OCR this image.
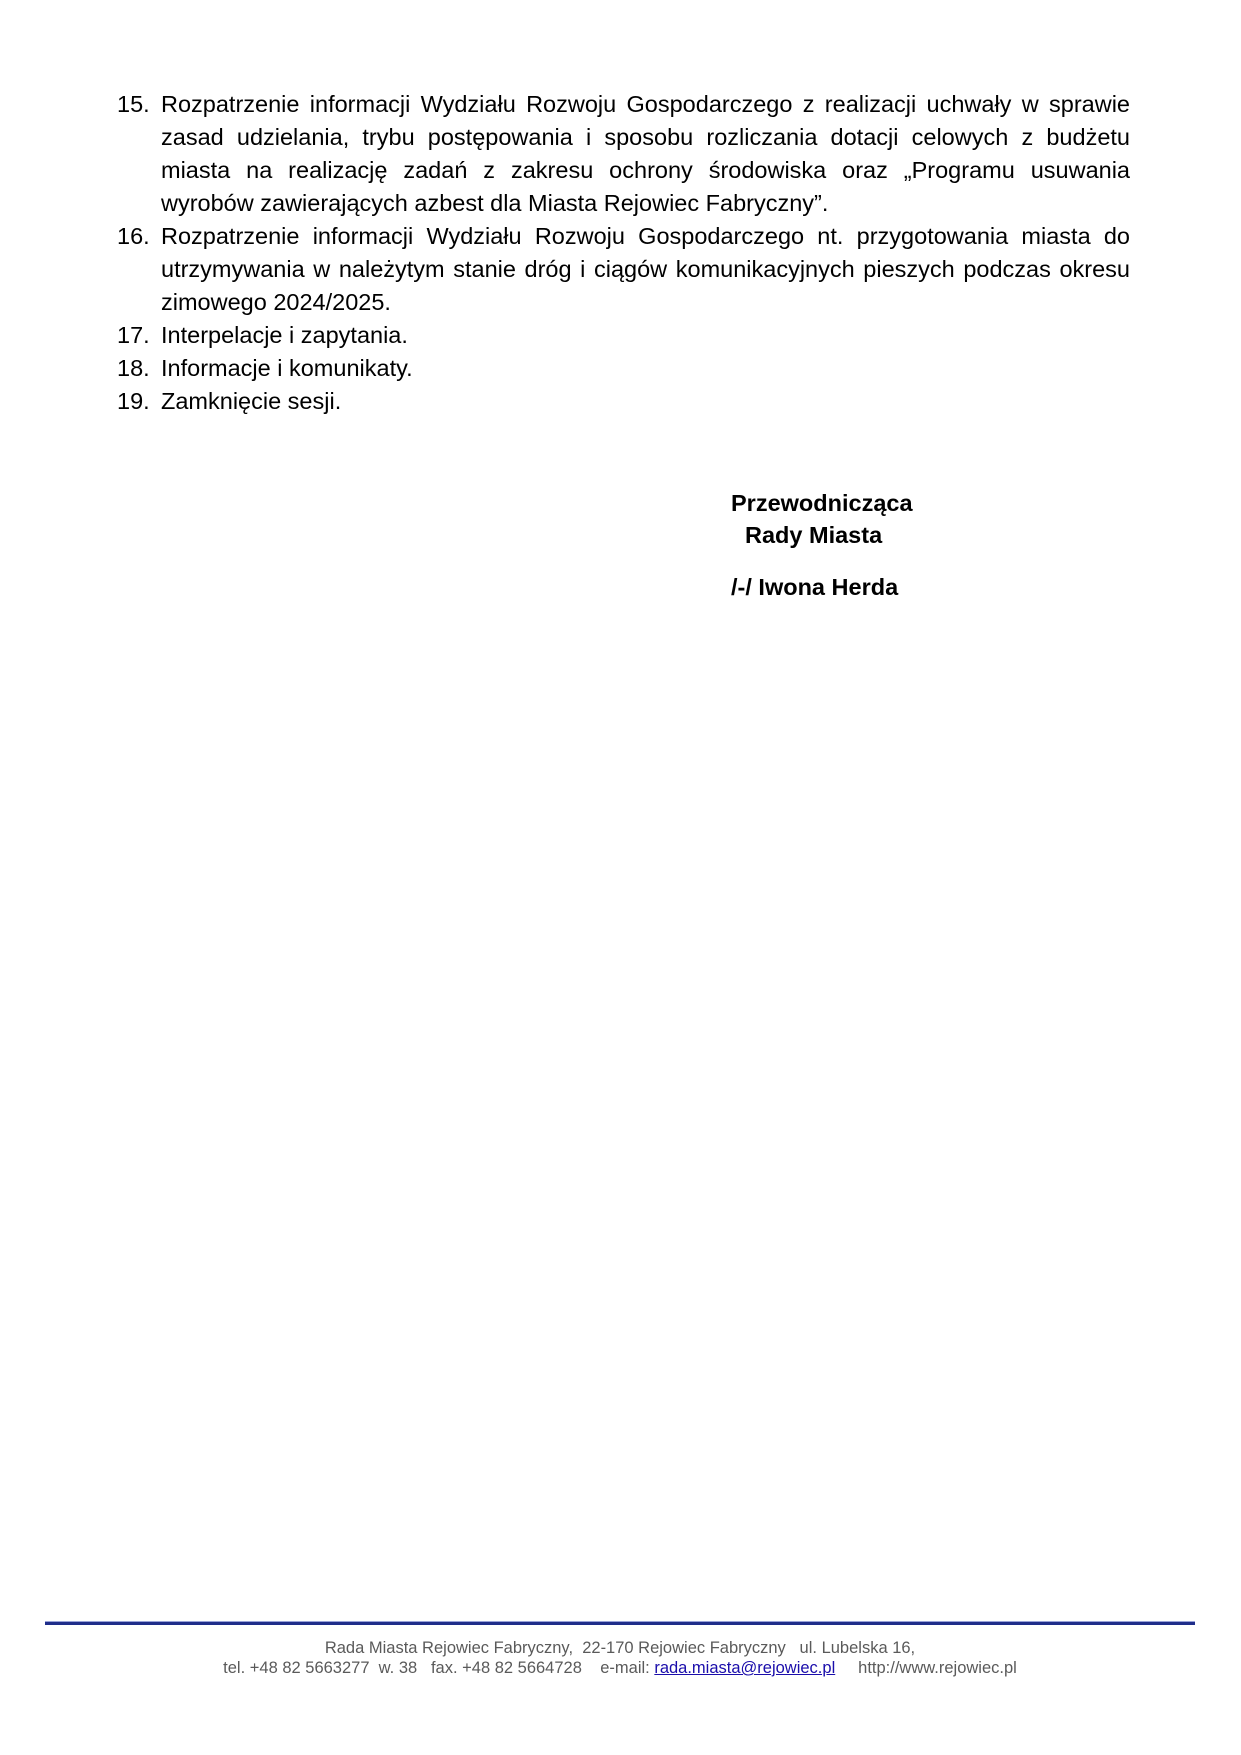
15. Rozpatrzenie informacji Wydziału Rozwoju Gospodarczego z realizacji uchwały w sprawie zasad udzielania, trybu postępowania i sposobu rozliczania dotacji celowych z budżetu miasta na realizację zadań z zakresu ochrony środowiska oraz „Programu usuwania wyrobów zawierających azbest dla Miasta Rejowiec Fabryczny”.
16. Rozpatrzenie informacji Wydziału Rozwoju Gospodarczego nt. przygotowania miasta do utrzymywania w należytym stanie dróg i ciągów komunikacyjnych pieszych podczas okresu zimowego 2024/2025.
17. Interpelacje i zapytania.
18. Informacje i komunikaty.
19. Zamknięcie sesji.
Przewodnicząca
Rady Miasta
/-/ Iwona Herda
Rada Miasta Rejowiec Fabryczny,  22-170 Rejowiec Fabryczny   ul. Lubelska 16,
tel. +48 82 5663277  w. 38   fax. +48 82 5664728    e-mail: rada.miasta@rejowiec.pl http://www.rejowiec.pl
